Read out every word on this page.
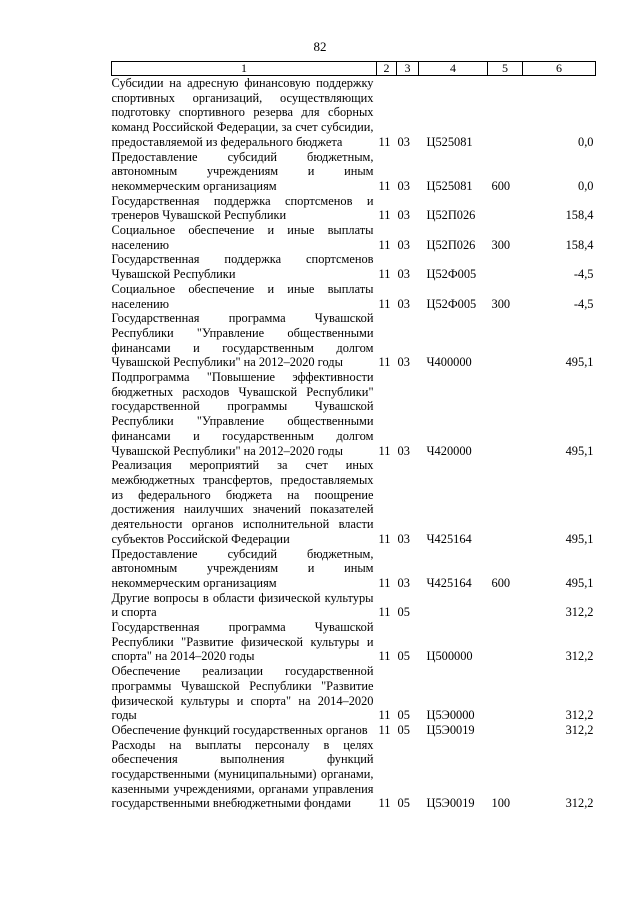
82
1	2	3	4	5	6
Субсидии на адресную финансовую поддержку спортивных организаций, осуществляющих подготовку спортивного резерва для сборных команд Российской Федерации, за счет субсидии, предоставляемой из федерального бюджета	11	03	Ц525081		0,0
Предоставление субсидий бюджетным, автономным учреждениям и иным некоммерческим организациям	11	03	Ц525081	600	0,0
Государственная поддержка спортсменов и тренеров Чувашской Республики	11	03	Ц52П026		158,4
Социальное обеспечение и иные выплаты населению	11	03	Ц52П026	300	158,4
Государственная поддержка спортсменов Чувашской Республики	11	03	Ц52Ф005		-4,5
Социальное обеспечение и иные выплаты населению	11	03	Ц52Ф005	300	-4,5
Государственная программа Чувашской Республики "Управление общественными финансами и государственным долгом Чувашской Республики" на 2012–2020 годы	11	03	Ч400000		495,1
Подпрограмма "Повышение эффективности бюджетных расходов Чувашской Республики" государственной программы Чувашской Республики "Управление общественными финансами и государственным долгом Чувашской Республики" на 2012–2020 годы	11	03	Ч420000		495,1
Реализация мероприятий за счет иных межбюджетных трансфертов, предоставляемых из федерального бюджета на поощрение достижения наилучших значений показателей деятельности органов исполнительной власти субъектов Российской Федерации	11	03	Ч425164		495,1
Предоставление субсидий бюджетным, автономным учреждениям и иным некоммерческим организациям	11	03	Ч425164	600	495,1
Другие вопросы в области физической культуры и спорта	11	05			312,2
Государственная программа Чувашской Республики "Развитие физической культуры и спорта" на 2014–2020 годы	11	05	Ц500000		312,2
Обеспечение реализации государственной программы Чувашской Республики "Развитие физической культуры и спорта" на 2014–2020 годы	11	05	Ц5Э0000		312,2
Обеспечение функций государственных органов	11	05	Ц5Э0019		312,2
Расходы на выплаты персоналу в целях обеспечения выполнения функций государственными (муниципальными) органами, казенными учреждениями, органами управления государственными внебюджетными фондами	11	05	Ц5Э0019	100	312,2
